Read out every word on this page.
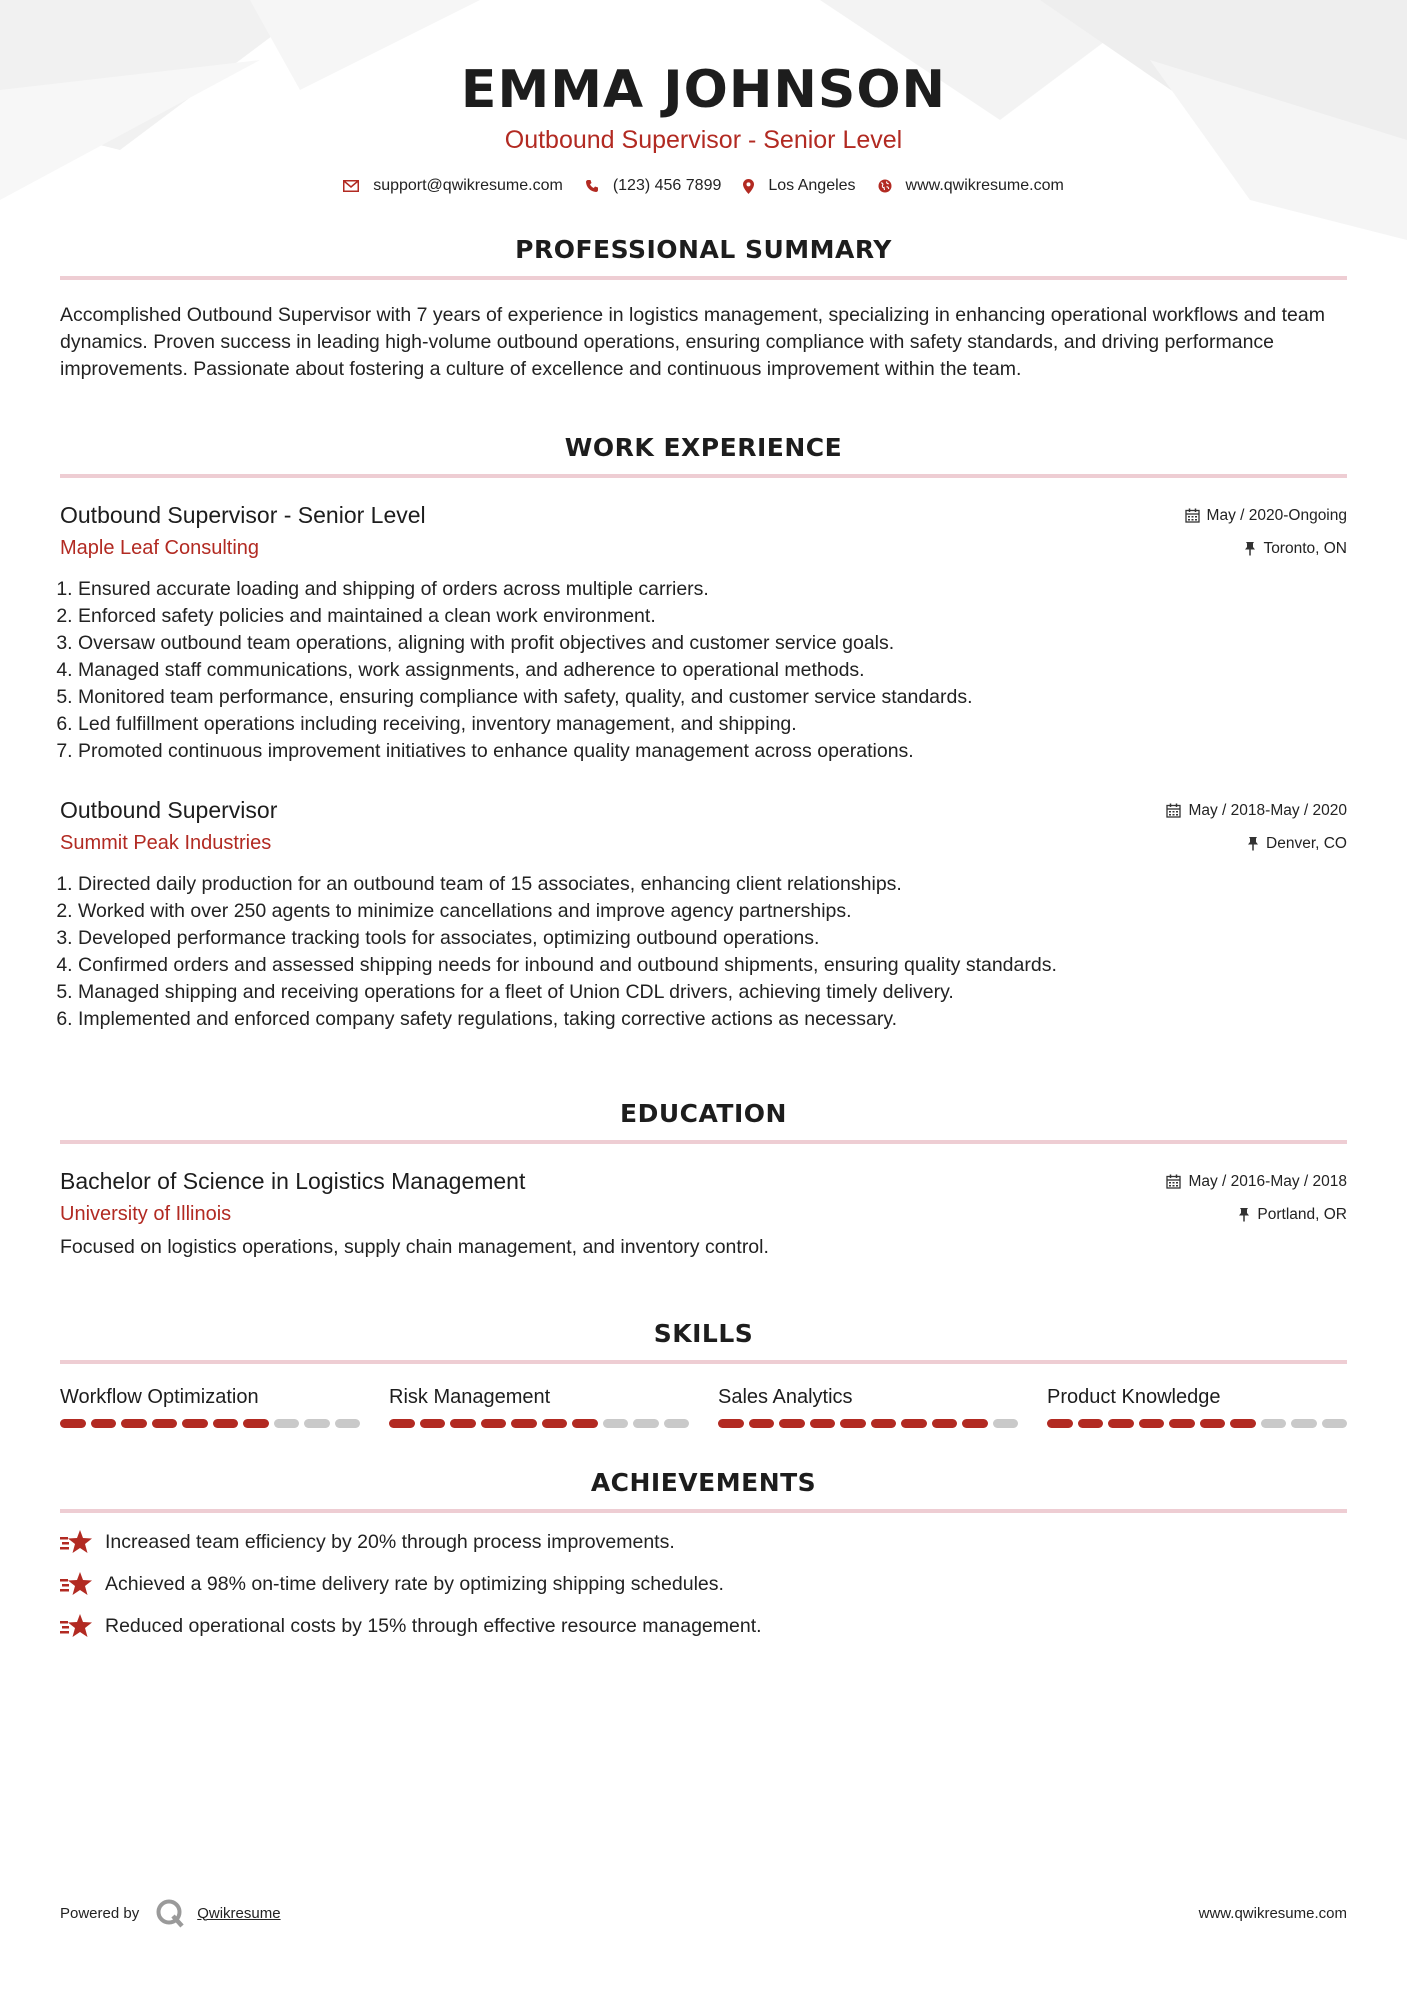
EMMA JOHNSON
Outbound Supervisor - Senior Level
support@qwikresume.com	(123) 456 7899	Los Angeles	www.qwikresume.com
PROFESSIONAL SUMMARY
Accomplished Outbound Supervisor with 7 years of experience in logistics management, specializing in enhancing operational workflows and team dynamics. Proven success in leading high-volume outbound operations, ensuring compliance with safety standards, and driving performance improvements. Passionate about fostering a culture of excellence and continuous improvement within the team.
WORK EXPERIENCE
Outbound Supervisor - Senior Level	May / 2020-Ongoing
Maple Leaf Consulting	Toronto, ON
1. Ensured accurate loading and shipping of orders across multiple carriers.
2. Enforced safety policies and maintained a clean work environment.
3. Oversaw outbound team operations, aligning with profit objectives and customer service goals.
4. Managed staff communications, work assignments, and adherence to operational methods.
5. Monitored team performance, ensuring compliance with safety, quality, and customer service standards.
6. Led fulfillment operations including receiving, inventory management, and shipping.
7. Promoted continuous improvement initiatives to enhance quality management across operations.
Outbound Supervisor	May / 2018-May / 2020
Summit Peak Industries	Denver, CO
1. Directed daily production for an outbound team of 15 associates, enhancing client relationships.
2. Worked with over 250 agents to minimize cancellations and improve agency partnerships.
3. Developed performance tracking tools for associates, optimizing outbound operations.
4. Confirmed orders and assessed shipping needs for inbound and outbound shipments, ensuring quality standards.
5. Managed shipping and receiving operations for a fleet of Union CDL drivers, achieving timely delivery.
6. Implemented and enforced company safety regulations, taking corrective actions as necessary.
EDUCATION
Bachelor of Science in Logistics Management	May / 2016-May / 2018
University of Illinois	Portland, OR
Focused on logistics operations, supply chain management, and inventory control.
SKILLS
Workflow Optimization	Risk Management	Sales Analytics	Product Knowledge
ACHIEVEMENTS
Increased team efficiency by 20% through process improvements.
Achieved a 98% on-time delivery rate by optimizing shipping schedules.
Reduced operational costs by 15% through effective resource management.
Powered by	Qwikresume	www.qwikresume.com
